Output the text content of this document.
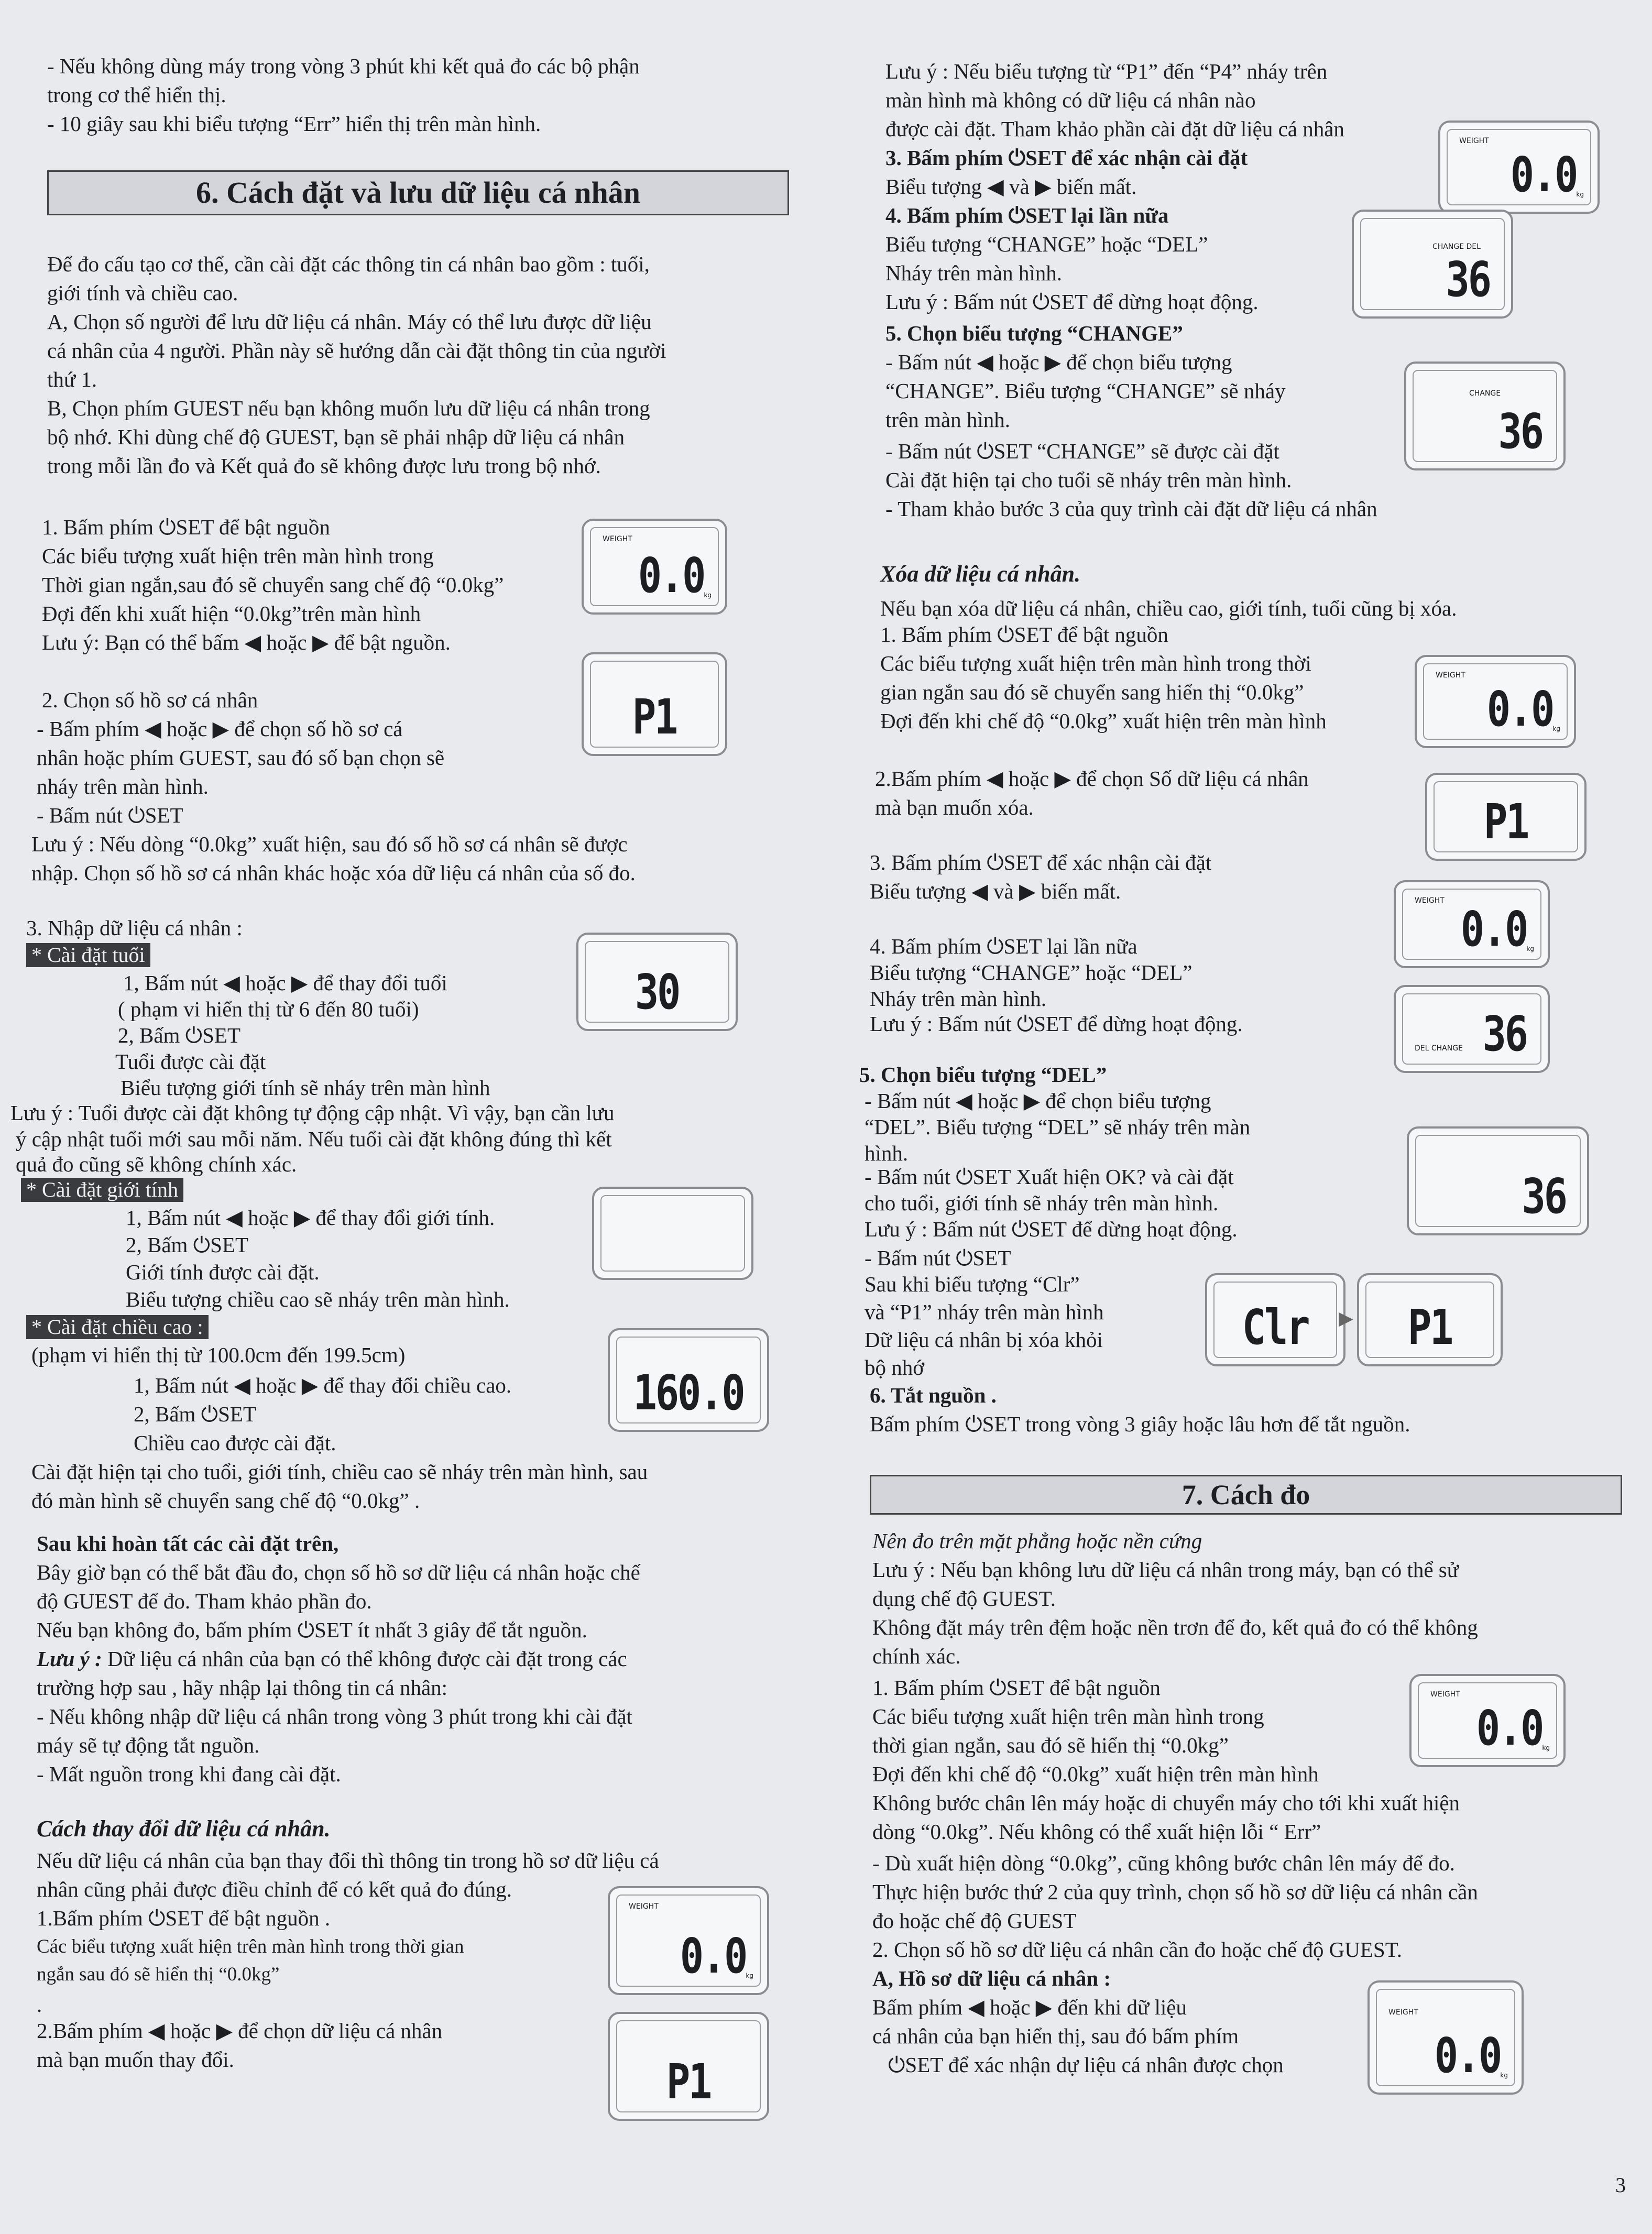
- Nếu không dùng máy trong vòng 3 phút khi kết quả đo các bộ phận
trong cơ thể hiển thị.
- 10 giây sau khi biểu tượng “Err” hiển thị trên màn hình.
6. Cách đặt và lưu dữ liệu cá nhân
Để đo cấu tạo cơ thể, cần cài đặt các thông tin cá nhân bao gồm : tuổi,
giới tính và chiều cao.
A, Chọn số người để lưu dữ liệu cá nhân. Máy có thể lưu được dữ liệu
cá nhân của 4 người. Phần này sẽ hướng dẫn cài đặt thông tin của người
thứ 1.
B, Chọn phím GUEST nếu bạn không muốn lưu dữ liệu cá nhân trong
bộ nhớ. Khi dùng chế độ GUEST, bạn sẽ phải nhập dữ liệu cá nhân
trong mỗi lần đo và Kết quả đo sẽ không được lưu trong bộ nhớ.
1. Bấm phím ⏻SET để bật nguồn
Các biểu tượng xuất hiện trên màn hình trong
Thời gian ngắn,sau đó sẽ chuyển sang chế độ “0.0kg”
Đợi đến khi xuất hiện “0.0kg”trên màn hình
Lưu ý: Bạn có thể bấm ◀ hoặc ▶ để bật nguồn.
WEIGHT
0.0 kg
2. Chọn số hồ sơ cá nhân
- Bấm phím ◀ hoặc ▶ để chọn số hồ sơ cá
nhân hoặc phím GUEST, sau đó số bạn chọn sẽ
nháy trên màn hình.
- Bấm nút ⏻SET
Lưu ý : Nếu dòng “0.0kg” xuất hiện, sau đó số hồ sơ cá nhân sẽ được
nhập. Chọn số hồ sơ cá nhân khác hoặc xóa dữ liệu cá nhân của số đo.
P1
3. Nhập dữ liệu cá nhân :
* Cài đặt tuổi
1, Bấm nút ◀ hoặc ▶ để thay đổi tuổi
( phạm vi hiển thị từ 6 đến 80 tuổi)
2, Bấm ⏻SET
Tuổi được cài đặt
Biểu tượng giới tính sẽ nháy trên màn hình
Lưu ý : Tuổi được cài đặt không tự động cập nhật. Vì vậy, bạn cần lưu
ý cập nhật tuổi mới sau mỗi năm. Nếu tuổi cài đặt không đúng thì kết
quả đo cũng sẽ không chính xác.
30
* Cài đặt giới tính
1, Bấm nút ◀ hoặc ▶ để thay đổi giới tính.
2, Bấm ⏻SET
Giới tính được cài đặt.
Biểu tượng chiều cao sẽ nháy trên màn hình.
* Cài đặt chiều cao :
(phạm vi hiển thị từ 100.0cm đến 199.5cm)
1, Bấm nút ◀ hoặc ▶ để thay đổi chiều cao.
2, Bấm ⏻SET
Chiều cao được cài đặt.
Cài đặt hiện tại cho tuổi, giới tính, chiều cao sẽ nháy trên màn hình, sau
đó màn hình sẽ chuyển sang chế độ “0.0kg” .
160.0
Sau khi hoàn tất các cài đặt trên,
Bây giờ bạn có thể bắt đầu đo, chọn số hồ sơ dữ liệu cá nhân hoặc chế
độ GUEST để đo. Tham khảo phần đo.
Nếu bạn không đo, bấm phím ⏻SET ít nhất 3 giây để tắt nguồn.
Lưu ý : Dữ liệu cá nhân của bạn có thể không được cài đặt trong các
trường hợp sau , hãy nhập lại thông tin cá nhân:
- Nếu không nhập dữ liệu cá nhân trong vòng 3 phút trong khi cài đặt
máy sẽ tự động tắt nguồn.
- Mất nguồn trong khi đang cài đặt.
Cách thay đổi dữ liệu cá nhân.
Nếu dữ liệu cá nhân của bạn thay đổi thì thông tin trong hồ sơ dữ liệu cá
nhân cũng phải được điều chỉnh để có kết quả đo đúng.
1.Bấm phím ⏻SET để bật nguồn .
Các biểu tượng xuất hiện trên màn hình trong thời gian
ngắn sau đó sẽ hiển thị “0.0kg”
.
2.Bấm phím ◀ hoặc ▶ để chọn dữ liệu cá nhân
mà bạn muốn thay đổi.
WEIGHT
0.0 kg
P1
Lưu ý : Nếu biểu tượng từ “P1” đến “P4” nháy trên
màn hình mà không có dữ liệu cá nhân nào
được cài đặt. Tham khảo phần cài đặt dữ liệu cá nhân
3. Bấm phím ⏻SET để xác nhận cài đặt
Biểu tượng ◀ và ▶ biến mất.
4. Bấm phím ⏻SET lại lần nữa
Biểu tượng “CHANGE” hoặc “DEL”
Nháy trên màn hình.
Lưu ý : Bấm nút ⏻SET để dừng hoạt động.
WEIGHT
0.0 kg
CHANGE DEL
36
5. Chọn biểu tượng “CHANGE”
- Bấm nút ◀ hoặc ▶ để chọn biểu tượng
“CHANGE”. Biểu tượng “CHANGE” sẽ nháy
trên màn hình.
- Bấm nút ⏻SET “CHANGE” sẽ được cài đặt
Cài đặt hiện tại cho tuổi sẽ nháy trên màn hình.
- Tham khảo bước 3 của quy trình cài đặt dữ liệu cá nhân
CHANGE
36
Xóa dữ liệu cá nhân.
Nếu bạn xóa dữ liệu cá nhân, chiều cao, giới tính, tuổi cũng bị xóa.
1. Bấm phím ⏻SET để bật nguồn
Các biểu tượng xuất hiện trên màn hình trong thời
gian ngắn sau đó sẽ chuyển sang hiển thị “0.0kg”
Đợi đến khi chế độ “0.0kg” xuất hiện trên màn hình
WEIGHT
0.0 kg
2.Bấm phím ◀ hoặc ▶ để chọn Số dữ liệu cá nhân
mà bạn muốn xóa.	P1
3. Bấm phím ⏻SET để xác nhận cài đặt
Biểu tượng ◀ và ▶ biến mất.	WEIGHT
0.0 kg
4. Bấm phím ⏻SET lại lần nữa
Biểu tượng “CHANGE” hoặc “DEL”
Nháy trên màn hình.
Lưu ý : Bấm nút ⏻SET để dừng hoạt động.
DEL CHANGE 36
5. Chọn biểu tượng “DEL”
- Bấm nút ◀ hoặc ▶ để chọn biểu tượng
“DEL”. Biểu tượng “DEL” sẽ nháy trên màn
hình.
- Bấm nút ⏻SET Xuất hiện OK? và cài đặt
cho tuổi, giới tính sẽ nháy trên màn hình.
Lưu ý : Bấm nút ⏻SET để dừng hoạt động.
- Bấm nút ⏻SET
36
Sau khi biểu tượng “Clr”
và “P1” nháy trên màn hình
Dữ liệu cá nhân bị xóa khỏi
bộ nhớ
6. Tắt nguồn .
Bấm phím ⏻SET trong vòng 3 giây hoặc lâu hơn để tắt nguồn.
Clr ▶ P1
7. Cách đo
Nên đo trên mặt phẳng hoặc nền cứng
Lưu ý : Nếu bạn không lưu dữ liệu cá nhân trong máy, bạn có thể sử
dụng chế độ GUEST.
Không đặt máy trên đệm hoặc nền trơn để đo, kết quả đo có thể không
chính xác.
1. Bấm phím ⏻SET để bật nguồn
Các biểu tượng xuất hiện trên màn hình trong
thời gian ngắn, sau đó sẽ hiển thị “0.0kg”
Đợi đến khi chế độ “0.0kg” xuất hiện trên màn hình
Không bước chân lên máy hoặc di chuyển máy cho tới khi xuất hiện
dòng “0.0kg”. Nếu không có thể xuất hiện lỗi “ Err”
- Dù xuất hiện dòng “0.0kg”, cũng không bước chân lên máy để đo.
Thực hiện bước thứ 2 của quy trình, chọn số hồ sơ dữ liệu cá nhân cần
đo hoặc chế độ GUEST
2. Chọn số hồ sơ dữ liệu cá nhân cần đo hoặc chế độ GUEST.
A, Hồ sơ dữ liệu cá nhân :
Bấm phím ◀ hoặc ▶ đến khi dữ liệu
cá nhân của bạn hiển thị, sau đó bấm phím
⏻SET để xác nhận dự liệu cá nhân được chọn
WEIGHT
0.0 kg
WEIGHT
0.0 kg
3
